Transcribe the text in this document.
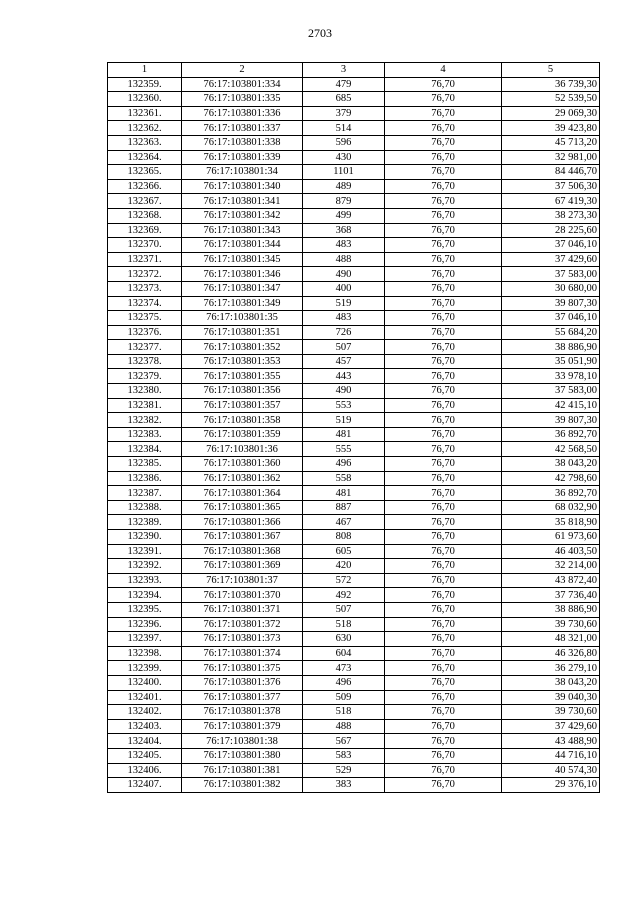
2703
1	2	3	4	5
132359.	76:17:103801:334	479	76,70	36 739,30
132360.	76:17:103801:335	685	76,70	52 539,50
132361.	76:17:103801:336	379	76,70	29 069,30
132362.	76:17:103801:337	514	76,70	39 423,80
132363.	76:17:103801:338	596	76,70	45 713,20
132364.	76:17:103801:339	430	76,70	32 981,00
132365.	76:17:103801:34	1101	76,70	84 446,70
132366.	76:17:103801:340	489	76,70	37 506,30
132367.	76:17:103801:341	879	76,70	67 419,30
132368.	76:17:103801:342	499	76,70	38 273,30
132369.	76:17:103801:343	368	76,70	28 225,60
132370.	76:17:103801:344	483	76,70	37 046,10
132371.	76:17:103801:345	488	76,70	37 429,60
132372.	76:17:103801:346	490	76,70	37 583,00
132373.	76:17:103801:347	400	76,70	30 680,00
132374.	76:17:103801:349	519	76,70	39 807,30
132375.	76:17:103801:35	483	76,70	37 046,10
132376.	76:17:103801:351	726	76,70	55 684,20
132377.	76:17:103801:352	507	76,70	38 886,90
132378.	76:17:103801:353	457	76,70	35 051,90
132379.	76:17:103801:355	443	76,70	33 978,10
132380.	76:17:103801:356	490	76,70	37 583,00
132381.	76:17:103801:357	553	76,70	42 415,10
132382.	76:17:103801:358	519	76,70	39 807,30
132383.	76:17:103801:359	481	76,70	36 892,70
132384.	76:17:103801:36	555	76,70	42 568,50
132385.	76:17:103801:360	496	76,70	38 043,20
132386.	76:17:103801:362	558	76,70	42 798,60
132387.	76:17:103801:364	481	76,70	36 892,70
132388.	76:17:103801:365	887	76,70	68 032,90
132389.	76:17:103801:366	467	76,70	35 818,90
132390.	76:17:103801:367	808	76,70	61 973,60
132391.	76:17:103801:368	605	76,70	46 403,50
132392.	76:17:103801:369	420	76,70	32 214,00
132393.	76:17:103801:37	572	76,70	43 872,40
132394.	76:17:103801:370	492	76,70	37 736,40
132395.	76:17:103801:371	507	76,70	38 886,90
132396.	76:17:103801:372	518	76,70	39 730,60
132397.	76:17:103801:373	630	76,70	48 321,00
132398.	76:17:103801:374	604	76,70	46 326,80
132399.	76:17:103801:375	473	76,70	36 279,10
132400.	76:17:103801:376	496	76,70	38 043,20
132401.	76:17:103801:377	509	76,70	39 040,30
132402.	76:17:103801:378	518	76,70	39 730,60
132403.	76:17:103801:379	488	76,70	37 429,60
132404.	76:17:103801:38	567	76,70	43 488,90
132405.	76:17:103801:380	583	76,70	44 716,10
132406.	76:17:103801:381	529	76,70	40 574,30
132407.	76:17:103801:382	383	76,70	29 376,10
